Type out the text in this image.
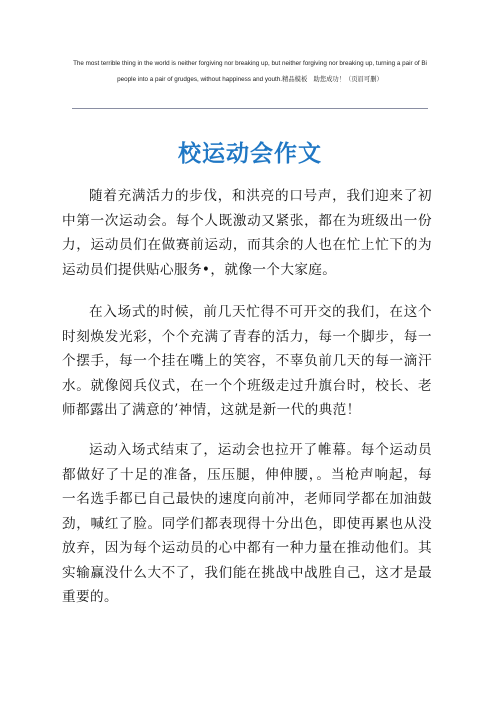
The most terrible thing in the world is neither forgiving nor breaking up, but neither forgiving nor breaking up, turning a pair of Bi people into a pair of grudges, without happiness and youth.精品模板　助您成功！（页眉可删）
校运动会作文

随着充满活力的步伐，和洪亮的口号声，我们迎来了初中第一次运动会。每个人既激动又紧张，都在为班级出一份力，运动员们在做赛前运动，而其余的人也在忙上忙下的为运动员们提供贴心服务•，就像一个大家庭。

在入场式的时候，前几天忙得不可开交的我们，在这个时刻焕发光彩，个个充满了青春的活力，每一个脚步，每一个摆手，每一个挂在嘴上的笑容，不辜负前几天的每一滴汗水。就像阅兵仪式，在一个个班级走过升旗台时，校长、老师都露出了满意的’神情，这就是新一代的典范！

运动入场式结束了，运动会也拉开了帷幕。每个运动员都做好了十足的准备，压压腿，伸伸腰，。当枪声响起，每一名选手都已自己最快的速度向前冲，老师同学都在加油鼓劲，喊红了脸。同学们都表现得十分出色，即使再累也从没放弃，因为每个运动员的心中都有一种力量在推动他们。其实输赢没什么大不了，我们能在挑战中战胜自己，这才是最重要的。
